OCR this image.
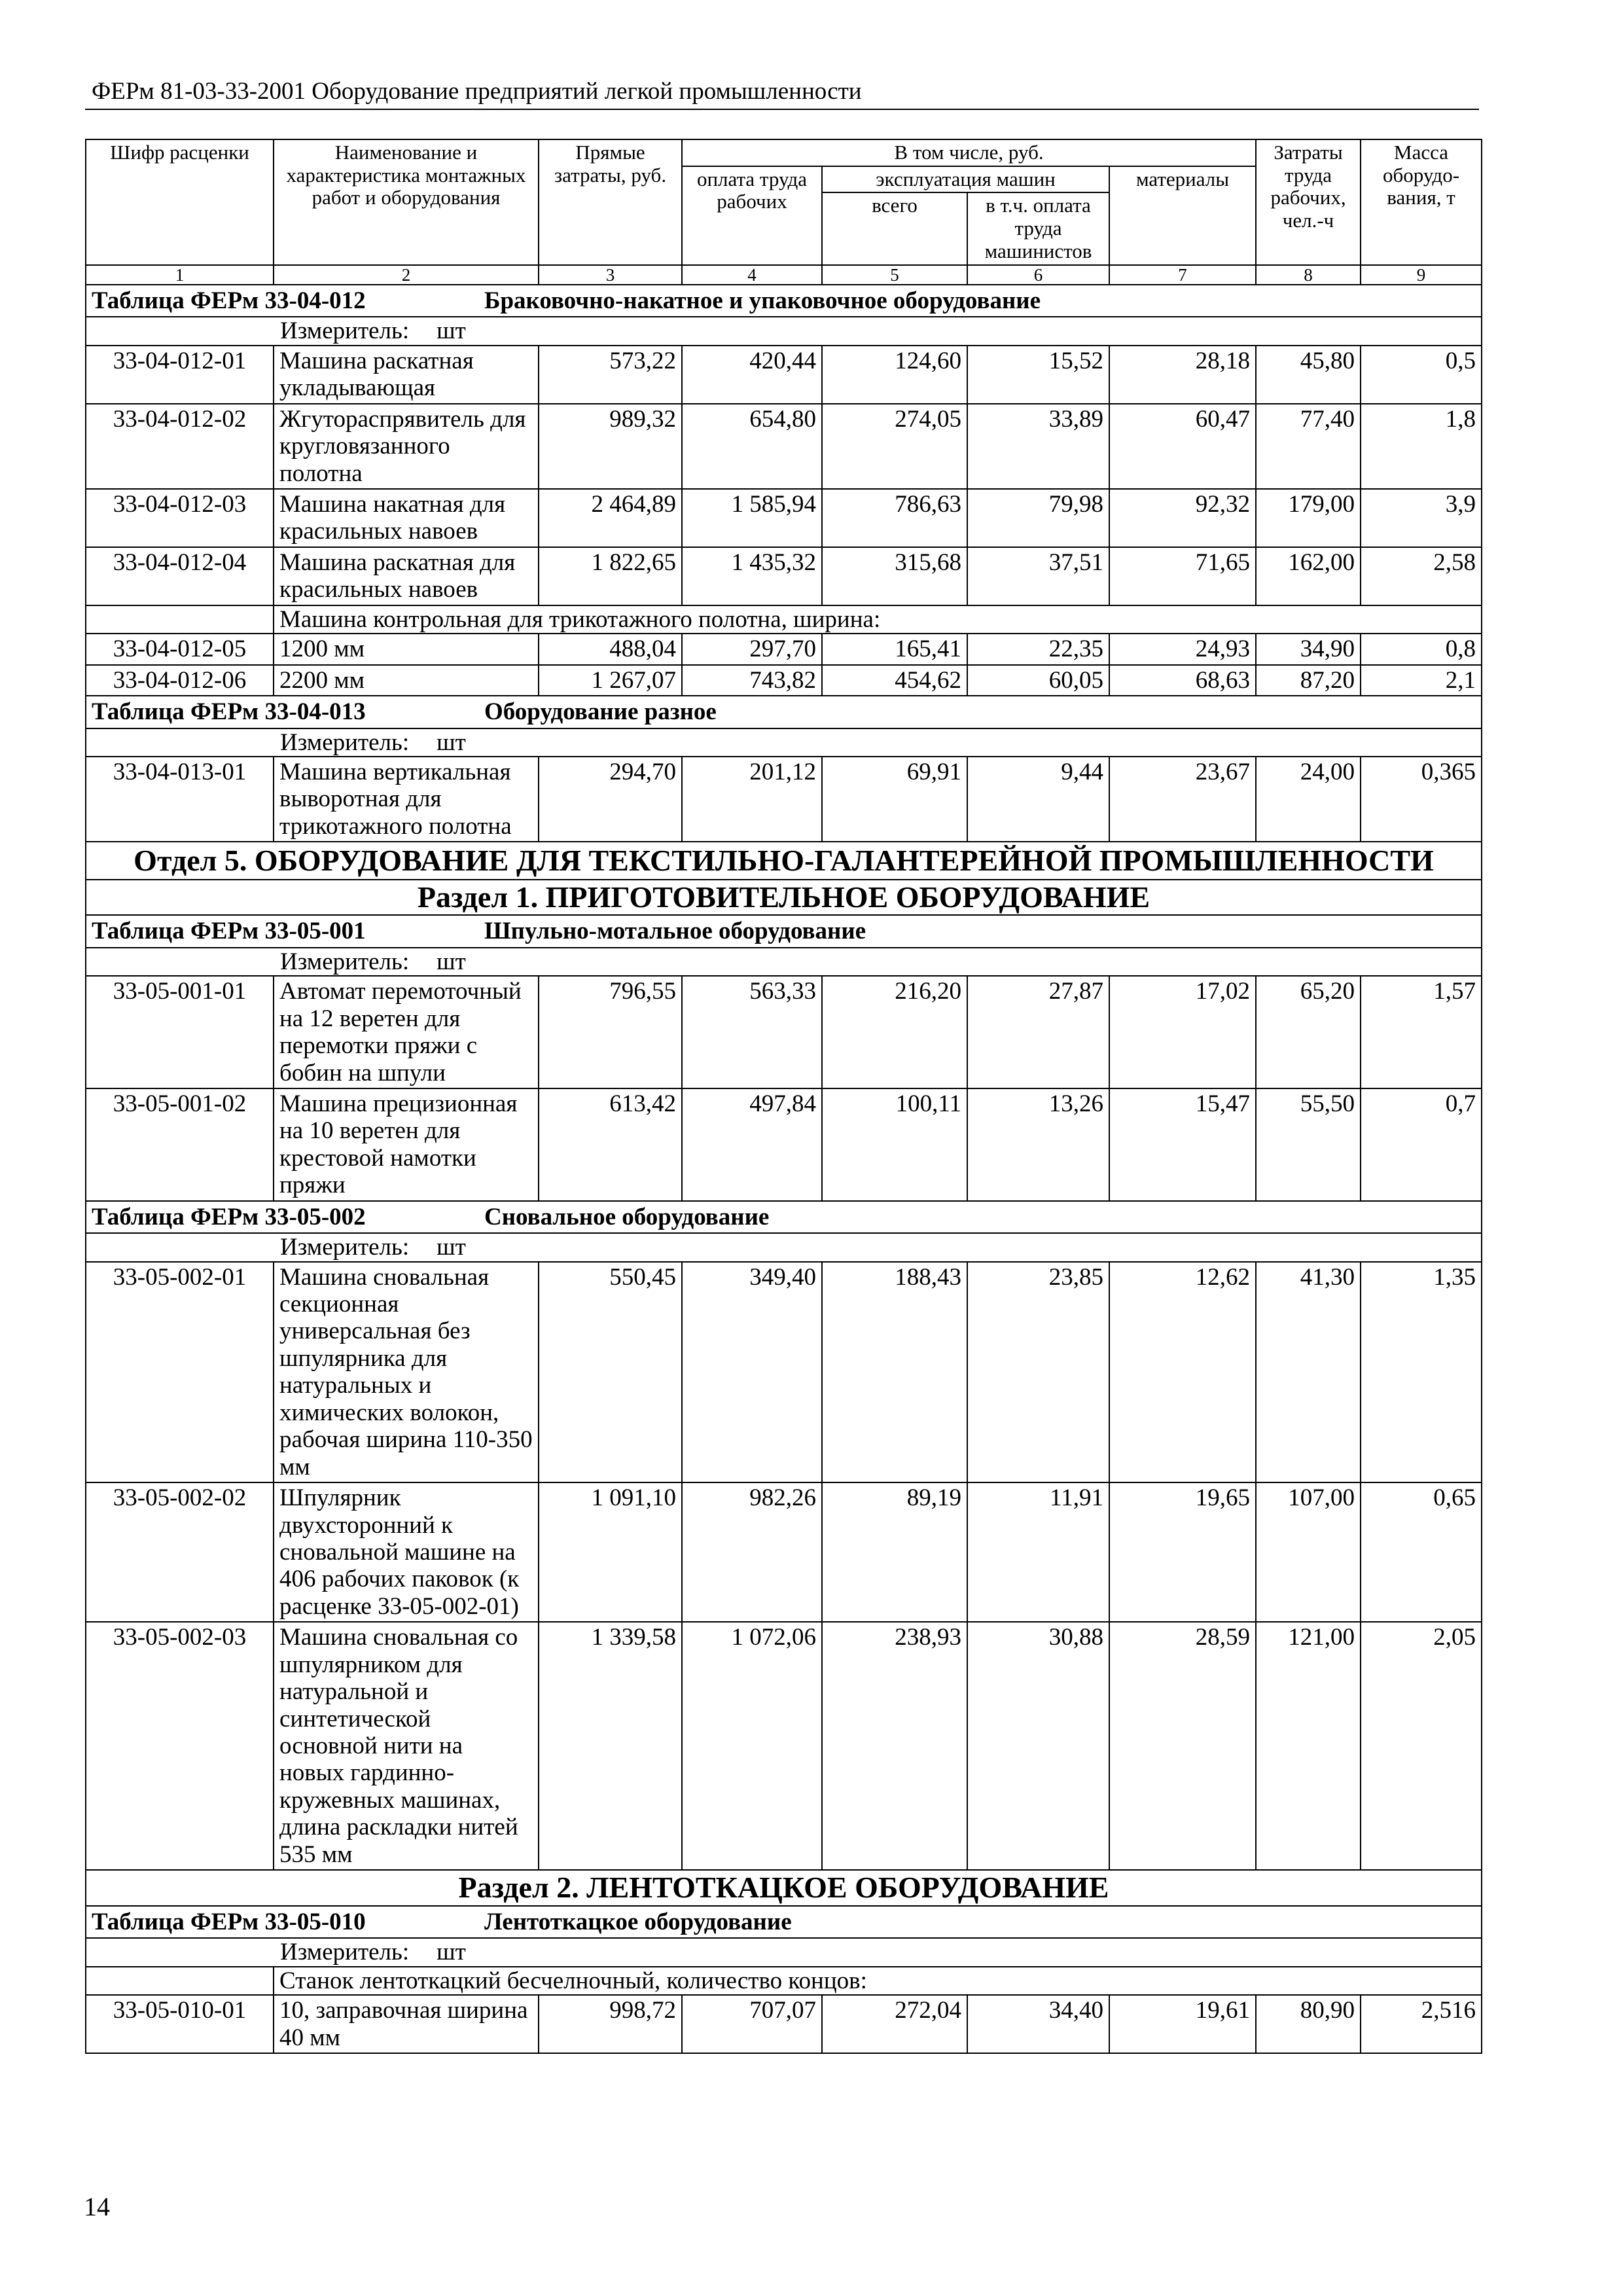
ФЕРм 81-03-33-2001 Оборудование предприятий легкой промышленности
Шифр расценки	Наименование и характеристика монтажных работ и оборудования	Прямые затраты, руб.	В том числе, руб.				Затраты труда рабочих, чел.-ч	Масса оборудо-вания, т
			оплата труда рабочих	эксплуатация машин		материалы		
				всего	в т.ч. оплата труда машинистов			
1	2	3	4	5	6	7	8	9
Таблица ФЕРм 33-04-012 Браковочно-накатное и упаковочное оборудование								
Измеритель: шт								
33-04-012-01	Машина раскатная укладывающая	573,22	420,44	124,60	15,52	28,18	45,80	0,5
33-04-012-02	Жгутораспрявитель для кругловязанного полотна	989,32	654,80	274,05	33,89	60,47	77,40	1,8
33-04-012-03	Машина накатная для красильных навоев	2 464,89	1 585,94	786,63	79,98	92,32	179,00	3,9
33-04-012-04	Машина раскатная для красильных навоев	1 822,65	1 435,32	315,68	37,51	71,65	162,00	2,58
	Машина контрольная для трикотажного полотна, ширина:							
33-04-012-05	1200 мм	488,04	297,70	165,41	22,35	24,93	34,90	0,8
33-04-012-06	2200 мм	1 267,07	743,82	454,62	60,05	68,63	87,20	2,1
Таблица ФЕРм 33-04-013 Оборудование разное								
Измеритель: шт								
33-04-013-01	Машина вертикальная выворотная для трикотажного полотна	294,70	201,12	69,91	9,44	23,67	24,00	0,365
Отдел 5. ОБОРУДОВАНИЕ ДЛЯ ТЕКСТИЛЬНО-ГАЛАНТЕРЕЙНОЙ ПРОМЫШЛЕННОСТИ								
Раздел 1. ПРИГОТОВИТЕЛЬНОЕ ОБОРУДОВАНИЕ								
Таблица ФЕРм 33-05-001 Шпульно-мотальное оборудование								
Измеритель: шт								
33-05-001-01	Автомат перемоточный на 12 веретен для перемотки пряжи с бобин на шпули	796,55	563,33	216,20	27,87	17,02	65,20	1,57
33-05-001-02	Машина прецизионная на 10 веретен для крестовой намотки пряжи	613,42	497,84	100,11	13,26	15,47	55,50	0,7
Таблица ФЕРм 33-05-002 Сновальное оборудование								
Измеритель: шт								
33-05-002-01	Машина сновальная секционная универсальная без шпулярника для натуральных и химических волокон, рабочая ширина 110-350 мм	550,45	349,40	188,43	23,85	12,62	41,30	1,35
33-05-002-02	Шпулярник двухсторонний к сновальной машине на 406 рабочих паковок (к расценке 33-05-002-01)	1 091,10	982,26	89,19	11,91	19,65	107,00	0,65
33-05-002-03	Машина сновальная со шпулярником для натуральной и синтетической основной нити на новых гардинно-кружевных машинах, длина раскладки нитей 535 мм	1 339,58	1 072,06	238,93	30,88	28,59	121,00	2,05
Раздел 2. ЛЕНТОТКАЦКОЕ ОБОРУДОВАНИЕ								
Таблица ФЕРм 33-05-010 Лентоткацкое оборудование								
Измеритель: шт								
	Станок лентоткацкий бесчелночный, количество концов:							
33-05-010-01	10, заправочная ширина 40 мм	998,72	707,07	272,04	34,40	19,61	80,90	2,516
14
